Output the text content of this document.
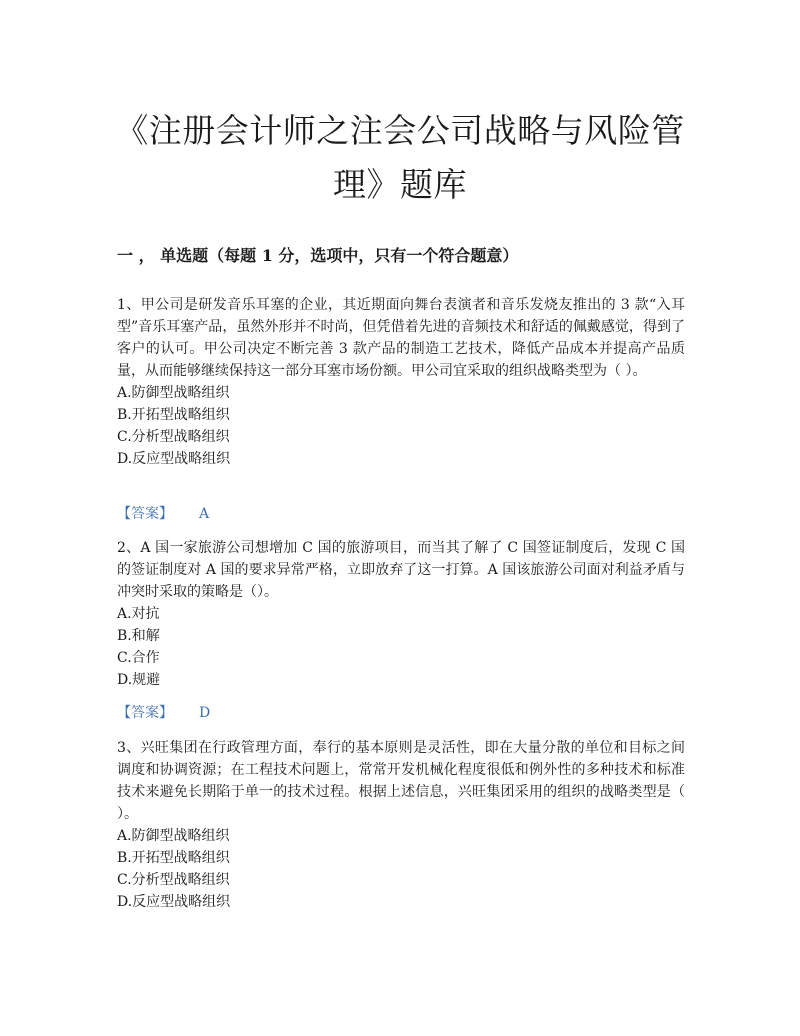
《注册会计师之注会公司战略与风险管理》题库
一 ， 单选题（每题 1 分，选项中，只有一个符合题意）

1、甲公司是研发音乐耳塞的企业，其近期面向舞台表演者和音乐发烧友推出的 3 款“入耳型”音乐耳塞产品，虽然外形并不时尚，但凭借着先进的音频技术和舒适的佩戴感觉，得到了客户的认可。甲公司决定不断完善 3 款产品的制造工艺技术，降低产品成本并提高产品质量，从而能够继续保持这一部分耳塞市场份额。甲公司宜采取的组织战略类型为（ ）。

A.防御型战略组织

B.开拓型战略组织

C.分析型战略组织

D.反应型战略组织

【答案】 A

2、A 国一家旅游公司想增加 C 国的旅游项目，而当其了解了 C 国签证制度后，发现 C 国的签证制度对 A 国的要求异常严格，立即放弃了这一打算。A 国该旅游公司面对利益矛盾与冲突时采取的策略是（）。

A.对抗

B.和解

C.合作

D.规避

【答案】 D

3、兴旺集团在行政管理方面，奉行的基本原则是灵活性，即在大量分散的单位和目标之间调度和协调资源；在工程技术问题上，常常开发机械化程度很低和例外性的多种技术和标准技术来避免长期陷于单一的技术过程。根据上述信息，兴旺集团采用的组织的战略类型是（ ）。

A.防御型战略组织

B.开拓型战略组织

C.分析型战略组织

D.反应型战略组织
